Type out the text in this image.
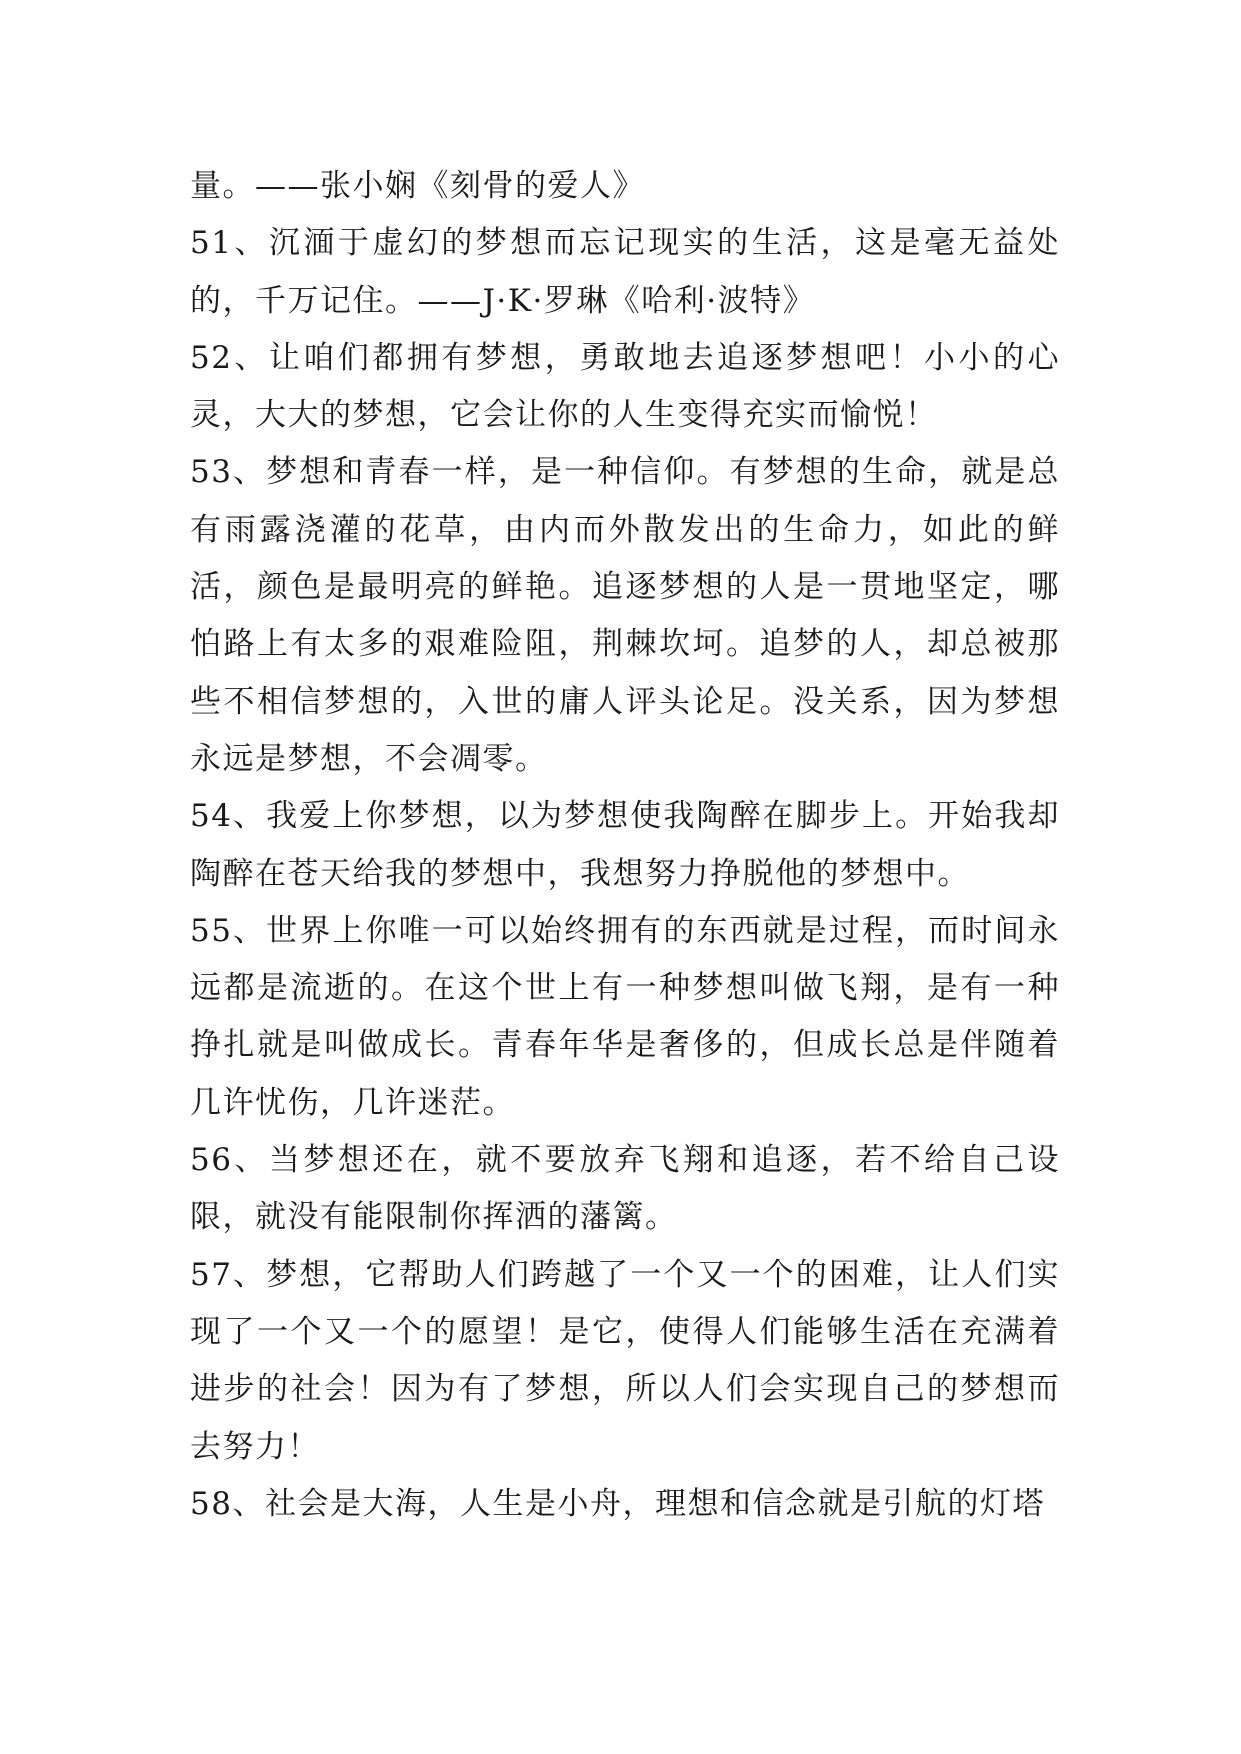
量。——张小娴《刻骨的爱人》

51、沉湎于虚幻的梦想而忘记现实的生活，这是毫无益处的，千万记住。——J·K·罗琳《哈利·波特》

52、让咱们都拥有梦想，勇敢地去追逐梦想吧！小小的心灵，大大的梦想，它会让你的人生变得充实而愉悦！

53、梦想和青春一样，是一种信仰。有梦想的生命，就是总有雨露浇灌的花草，由内而外散发出的生命力，如此的鲜活，颜色是最明亮的鲜艳。追逐梦想的人是一贯地坚定，哪怕路上有太多的艰难险阻，荆棘坎坷。追梦的人，却总被那些不相信梦想的，入世的庸人评头论足。没关系，因为梦想永远是梦想，不会凋零。

54、我爱上你梦想，以为梦想使我陶醉在脚步上。开始我却陶醉在苍天给我的梦想中，我想努力挣脱他的梦想中。

55、世界上你唯一可以始终拥有的东西就是过程，而时间永远都是流逝的。在这个世上有一种梦想叫做飞翔，是有一种挣扎就是叫做成长。青春年华是奢侈的，但成长总是伴随着几许忧伤，几许迷茫。

56、当梦想还在，就不要放弃飞翔和追逐，若不给自己设限，就没有能限制你挥洒的藩篱。

57、梦想，它帮助人们跨越了一个又一个的困难，让人们实现了一个又一个的愿望！是它，使得人们能够生活在充满着进步的社会！因为有了梦想，所以人们会实现自己的梦想而去努力！

58、社会是大海，人生是小舟，理想和信念就是引航的灯塔
